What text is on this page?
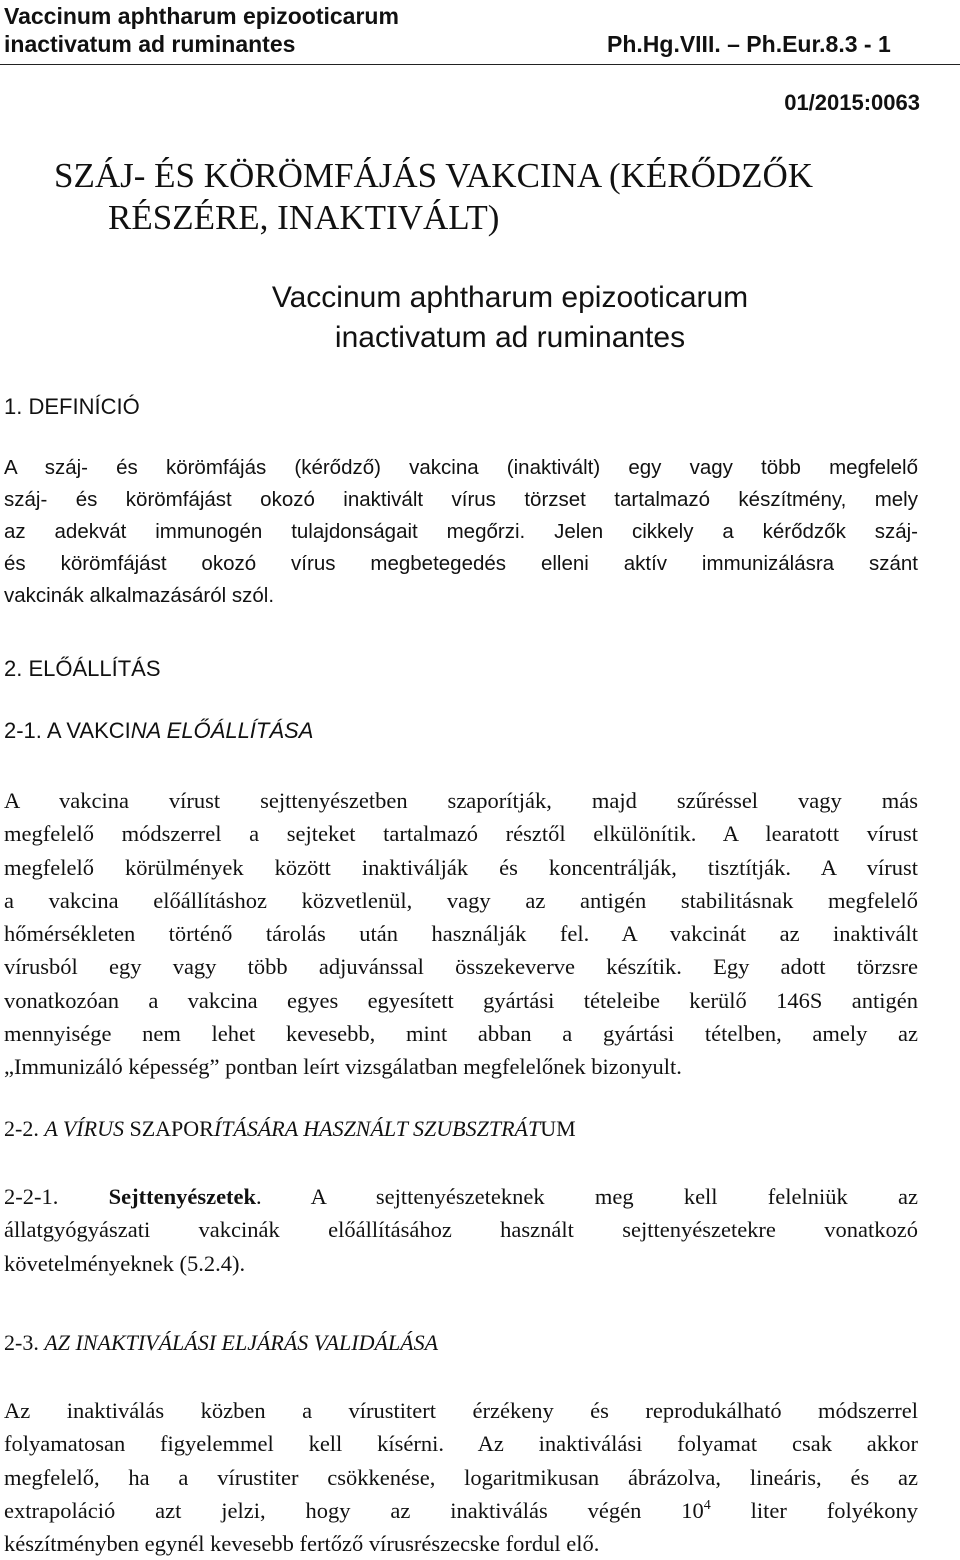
Vaccinum aphtharum epizooticarum
inactivatum ad ruminantes	Ph.Hg.VIII. – Ph.Eur.8.3 - 1
01/2015:0063
SZÁJ- ÉS KÖRÖMFÁJÁS VAKCINA (KÉRŐDZŐK
RÉSZÉRE, INAKTIVÁLT)
Vaccinum aphtharum epizooticarum
inactivatum ad ruminantes
1. DEFINÍCIÓ
A száj- és körömfájás (kérődző) vakcina (inaktivált) egy vagy több megfelelő
száj- és körömfájást okozó inaktivált vírus törzset tartalmazó készítmény, mely
az adekvát immunogén tulajdonságait megőrzi. Jelen cikkely a kérődzők száj-
és körömfájást okozó vírus megbetegedés elleni aktív immunizálásra szánt
vakcinák alkalmazásáról szól.
2. ELŐÁLLÍTÁS
2-1. A VAKCINA ELŐÁLLÍTÁSA
A vakcina vírust sejttenyészetben szaporítják, majd szűréssel vagy más
megfelelő módszerrel a sejteket tartalmazó résztől elkülönítik. A learatott vírust
megfelelő körülmények között inaktiválják és koncentrálják, tisztítják. A vírust
a vakcina előállításhoz közvetlenül, vagy az antigén stabilitásnak megfelelő
hőmérsékleten történő tárolás után használják fel. A vakcinát az inaktivált
vírusból egy vagy több adjuvánssal összekeverve készítik. Egy adott törzsre
vonatkozóan a vakcina egyes egyesített gyártási tételeibe kerülő 146S antigén
mennyisége nem lehet kevesebb, mint abban a gyártási tételben, amely az
„Immunizáló képesség” pontban leírt vizsgálatban megfelelőnek bizonyult.
2-2. A VÍRUS SZAPORÍTÁSÁRA HASZNÁLT SZUBSZTRÁTUM
2-2-1. Sejttenyészetek. A sejttenyészeteknek meg kell felelniük az
állatgyógyászati vakcinák előállításához használt sejttenyészetekre vonatkozó
követelményeknek (5.2.4).
2-3. AZ INAKTIVÁLÁSI ELJÁRÁS VALIDÁLÁSA
Az inaktiválás közben a vírustitert érzékeny és reprodukálható módszerrel
folyamatosan figyelemmel kell kísérni. Az inaktiválási folyamat csak akkor
megfelelő, ha a vírustiter csökkenése, logaritmikusan ábrázolva, lineáris, és az
extrapoláció azt jelzi, hogy az inaktiválás végén $10^4$ liter folyékony
készítményben egynél kevesebb fertőző vírusrészecske fordul elő.
